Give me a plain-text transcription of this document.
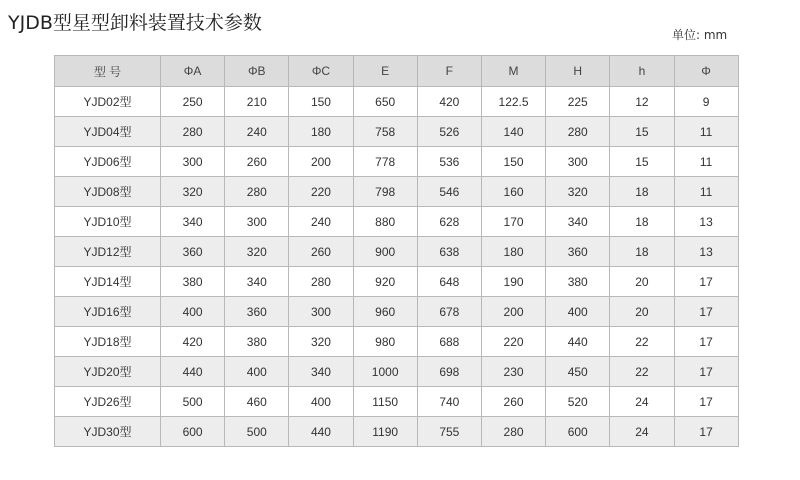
YJDB型星型卸料装置技术参数
单位: mm
型 号	ΦA	ΦB	ΦC	E	F	M	H	h	Φ
YJD02型	250	210	150	650	420	122.5	225	12	9
YJD04型	280	240	180	758	526	140	280	15	11
YJD06型	300	260	200	778	536	150	300	15	11
YJD08型	320	280	220	798	546	160	320	18	11
YJD10型	340	300	240	880	628	170	340	18	13
YJD12型	360	320	260	900	638	180	360	18	13
YJD14型	380	340	280	920	648	190	380	20	17
YJD16型	400	360	300	960	678	200	400	20	17
YJD18型	420	380	320	980	688	220	440	22	17
YJD20型	440	400	340	1000	698	230	450	22	17
YJD26型	500	460	400	1150	740	260	520	24	17
YJD30型	600	500	440	1190	755	280	600	24	17
